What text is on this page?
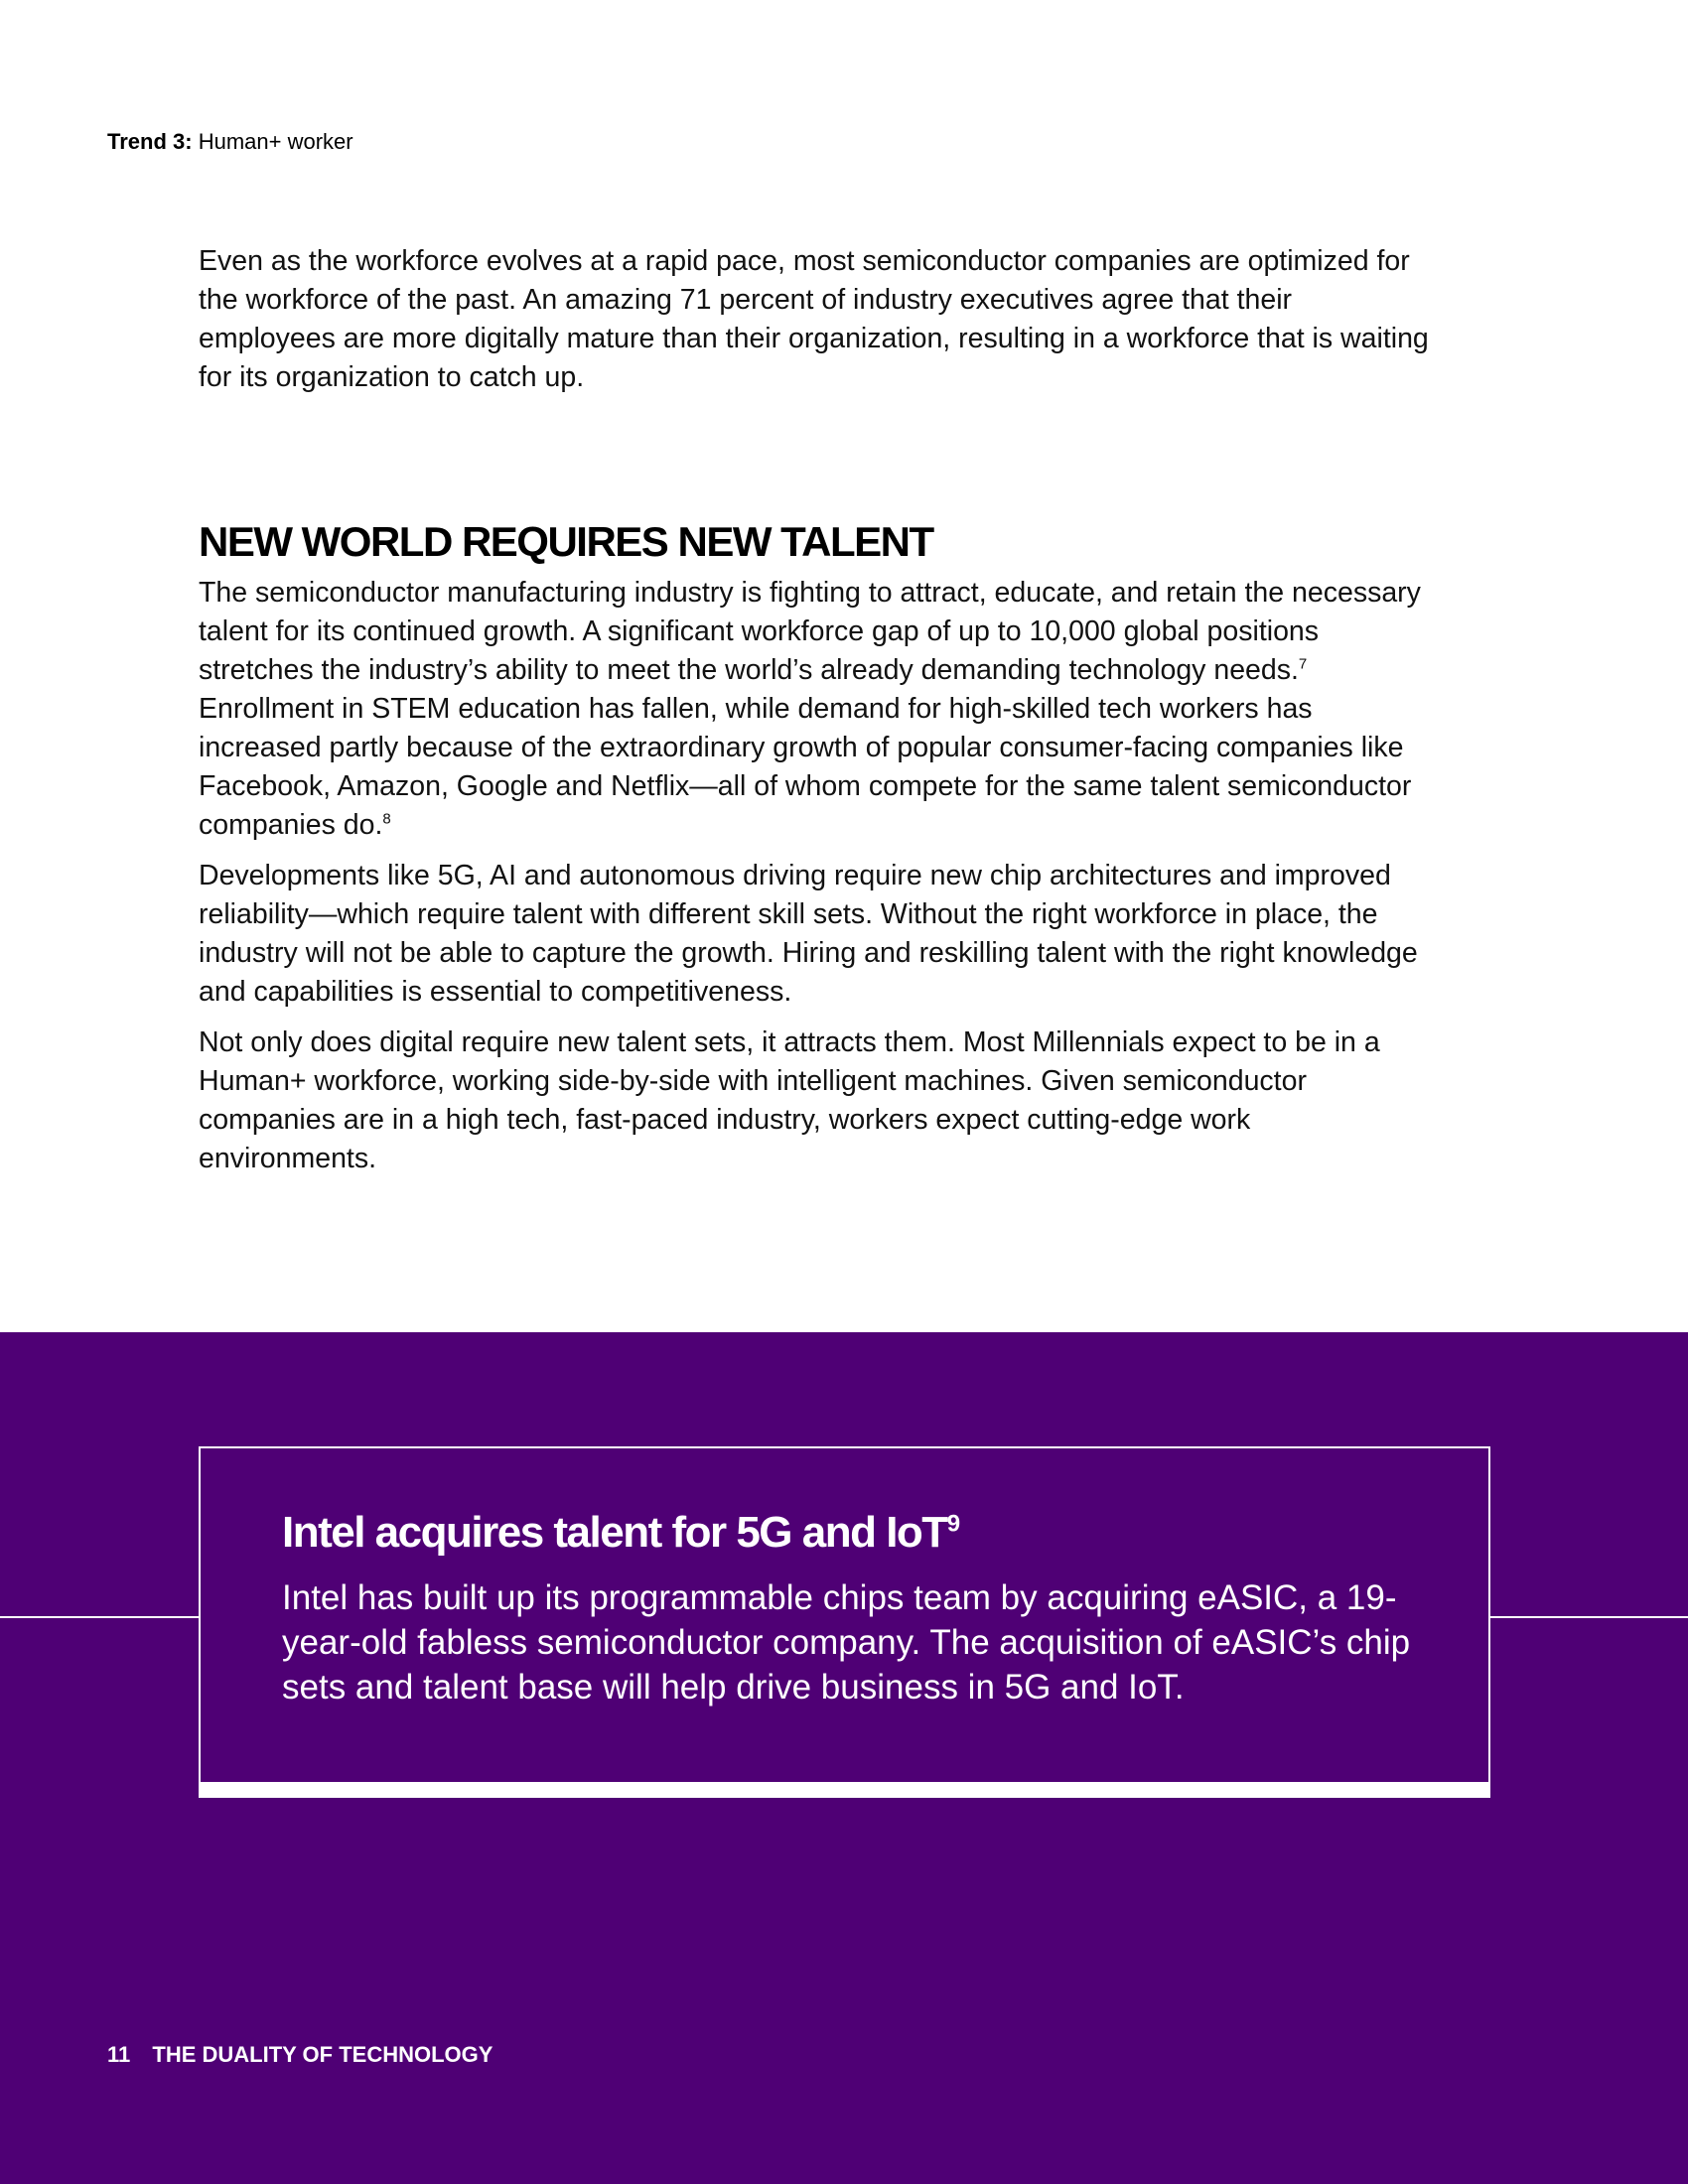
Trend 3: Human+ worker

Even as the workforce evolves at a rapid pace, most semiconductor companies are optimized for the workforce of the past. An amazing 71 percent of industry executives agree that their employees are more digitally mature than their organization, resulting in a workforce that is waiting for its organization to catch up.

NEW WORLD REQUIRES NEW TALENT

The semiconductor manufacturing industry is fighting to attract, educate, and retain the necessary talent for its continued growth. A significant workforce gap of up to 10,000 global positions stretches the industry’s ability to meet the world’s already demanding technology needs.$^7$ Enrollment in STEM education has fallen, while demand for high-skilled tech workers has increased partly because of the extraordinary growth of popular consumer-facing companies like Facebook, Amazon, Google and Netflix—all of whom compete for the same talent semiconductor companies do.$^8$

Developments like 5G, AI and autonomous driving require new chip architectures and improved reliability—which require talent with different skill sets. Without the right workforce in place, the industry will not be able to capture the growth. Hiring and reskilling talent with the right knowledge and capabilities is essential to competitiveness.

Not only does digital require new talent sets, it attracts them. Most Millennials expect to be in a Human+ workforce, working side-by-side with intelligent machines. Given semiconductor companies are in a high tech, fast-paced industry, workers expect cutting-edge work environments.

Intel acquires talent for 5G and IoT$^9$

Intel has built up its programmable chips team by acquiring eASIC, a 19-year-old fabless semiconductor company. The acquisition of eASIC’s chip sets and talent base will help drive business in 5G and IoT.

11 THE DUALITY OF TECHNOLOGY
